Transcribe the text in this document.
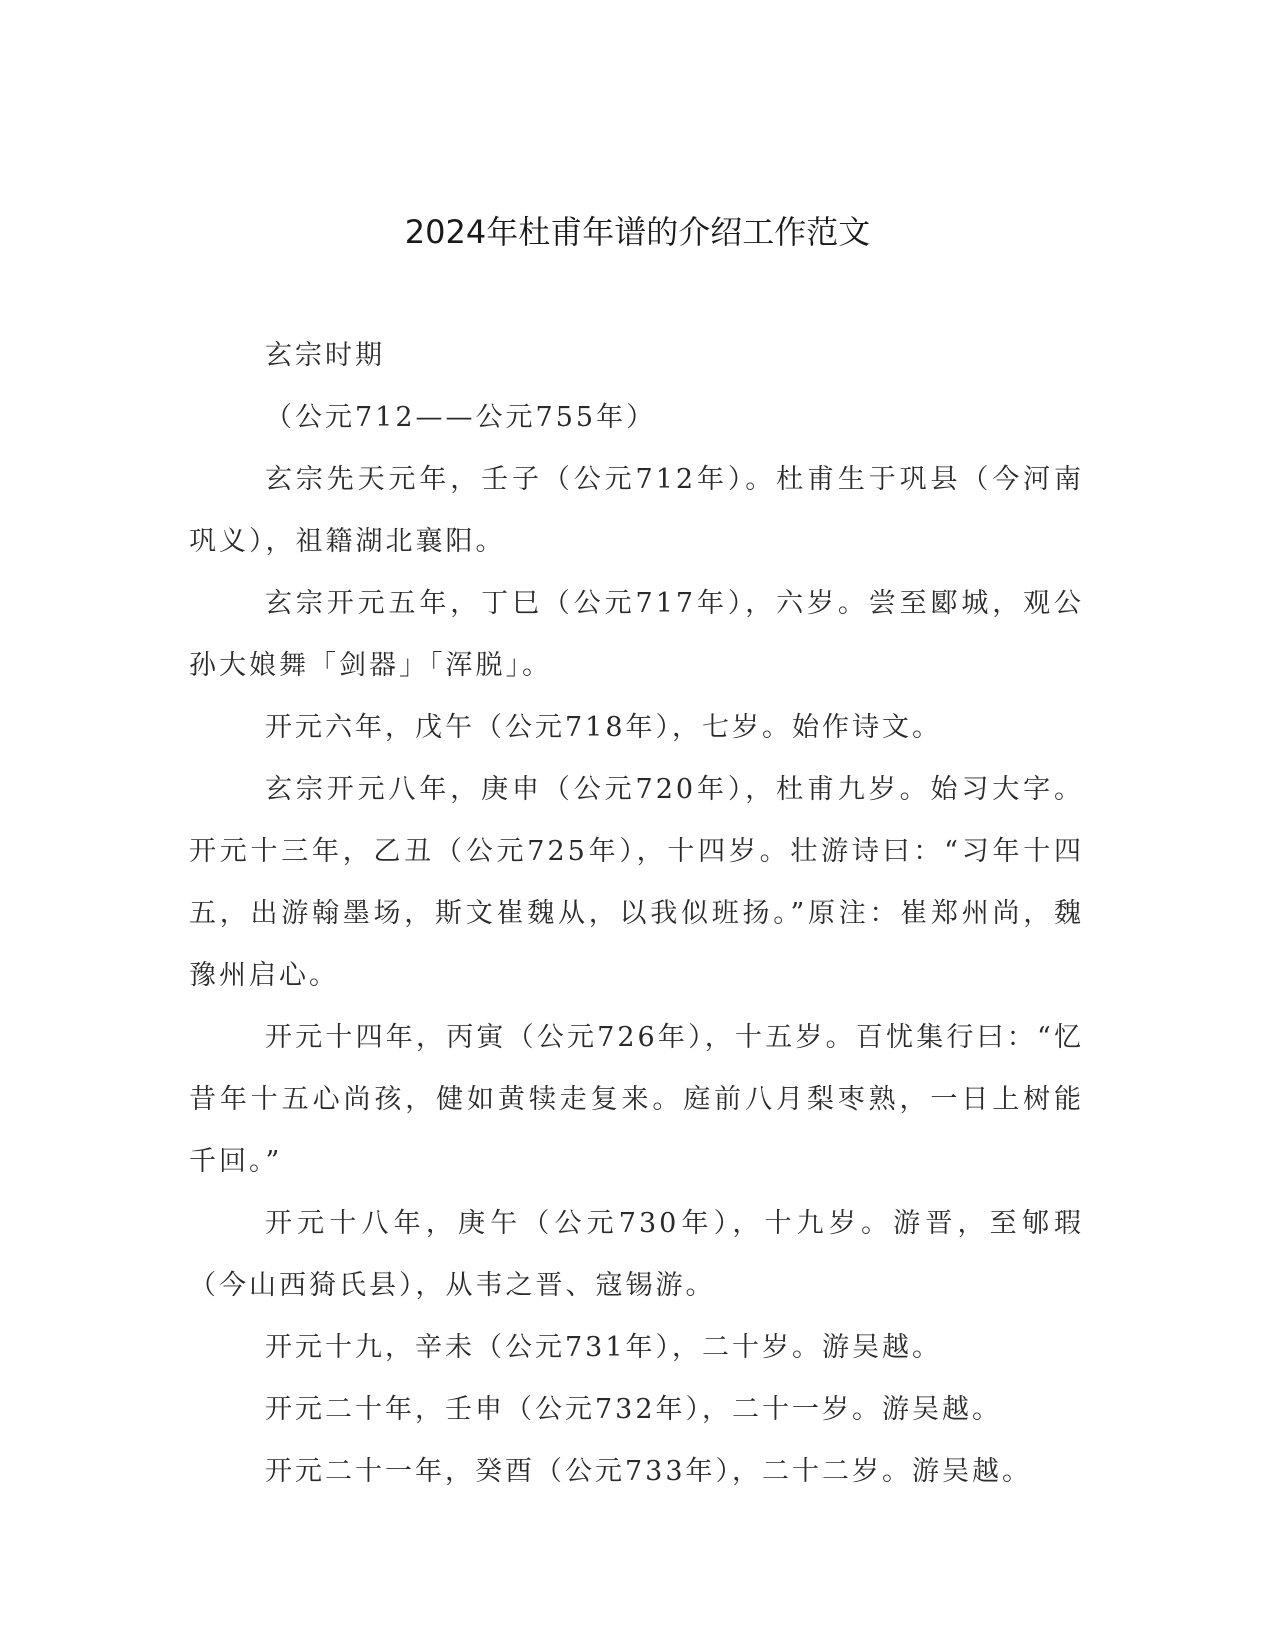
2024年杜甫年谱的介绍工作范文

玄宗时期

（公元712——公元755年）

玄宗先天元年，壬子（公元712年）。杜甫生于巩县（今河南巩义），祖籍湖北襄阳。

玄宗开元五年，丁巳（公元717年），六岁。尝至郾城，观公孙大娘舞「剑器」「浑脱」。

开元六年，戊午（公元718年），七岁。始作诗文。

玄宗开元八年，庚申（公元720年），杜甫九岁。始习大字。开元十三年，乙丑（公元725年），十四岁。壮游诗曰：“习年十四五，出游翰墨场，斯文崔魏从，以我似班扬。”原注：崔郑州尚，魏豫州启心。

开元十四年，丙寅（公元726年），十五岁。百忧集行曰：“忆昔年十五心尚孩，健如黄犊走复来。庭前八月梨枣熟，一日上树能千回。”

开元十八年，庚午（公元730年），十九岁。游晋，至郇瑕（今山西猗氏县），从韦之晋、寇锡游。

开元十九，辛未（公元731年），二十岁。游吴越。

开元二十年，壬申（公元732年），二十一岁。游吴越。

开元二十一年，癸酉（公元733年），二十二岁。游吴越。
